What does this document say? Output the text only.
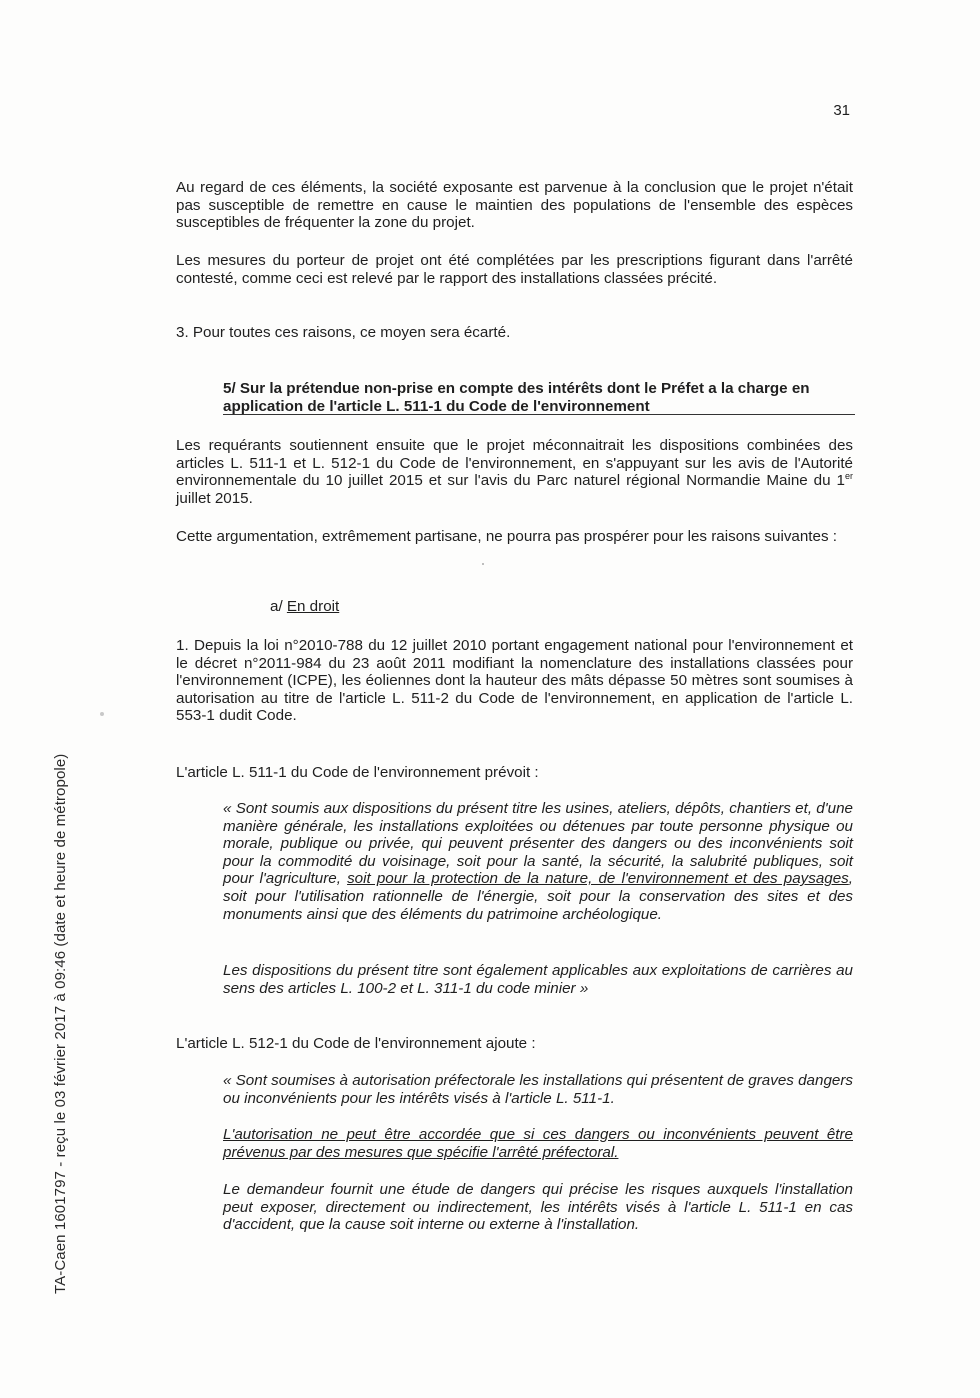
31

Au regard de ces éléments, la société exposante est parvenue à la conclusion que le projet n'était pas susceptible de remettre en cause le maintien des populations de l'ensemble des espèces susceptibles de fréquenter la zone du projet.

Les mesures du porteur de projet ont été complétées par les prescriptions figurant dans l'arrêté contesté, comme ceci est relevé par le rapport des installations classées précité.

3. Pour toutes ces raisons, ce moyen sera écarté.

5/ Sur la prétendue non-prise en compte des intérêts dont le Préfet a la charge en application de l'article L. 511-1 du Code de l'environnement

Les requérants soutiennent ensuite que le projet méconnaitrait les dispositions combinées des articles L. 511-1 et L. 512-1 du Code de l'environnement, en s'appuyant sur les avis de l'Autorité environnementale du 10 juillet 2015 et sur l'avis du Parc naturel régional Normandie Maine du 1er juillet 2015.

Cette argumentation, extrêmement partisane, ne pourra pas prospérer pour les raisons suivantes :

a/ En droit

1. Depuis la loi n°2010-788 du 12 juillet 2010 portant engagement national pour l'environnement et le décret n°2011-984 du 23 août 2011 modifiant la nomenclature des installations classées pour l'environnement (ICPE), les éoliennes dont la hauteur des mâts dépasse 50 mètres sont soumises à autorisation au titre de l'article L. 511-2 du Code de l'environnement, en application de l'article L. 553-1 dudit Code.

L'article L. 511-1 du Code de l'environnement prévoit :

« Sont soumis aux dispositions du présent titre les usines, ateliers, dépôts, chantiers et, d'une manière générale, les installations exploitées ou détenues par toute personne physique ou morale, publique ou privée, qui peuvent présenter des dangers ou des inconvénients soit pour la commodité du voisinage, soit pour la santé, la sécurité, la salubrité publiques, soit pour l'agriculture, soit pour la protection de la nature, de l'environnement et des paysages, soit pour l'utilisation rationnelle de l'énergie, soit pour la conservation des sites et des monuments ainsi que des éléments du patrimoine archéologique.

Les dispositions du présent titre sont également applicables aux exploitations de carrières au sens des articles L. 100-2 et L. 311-1 du code minier »

L'article L. 512-1 du Code de l'environnement ajoute :

« Sont soumises à autorisation préfectorale les installations qui présentent de graves dangers ou inconvénients pour les intérêts visés à l'article L. 511-1.

L'autorisation ne peut être accordée que si ces dangers ou inconvénients peuvent être prévenus par des mesures que spécifie l'arrêté préfectoral.

Le demandeur fournit une étude de dangers qui précise les risques auxquels l'installation peut exposer, directement ou indirectement, les intérêts visés à l'article L. 511-1 en cas d'accident, que la cause soit interne ou externe à l'installation.

TA-Caen 1601797 - reçu le 03 février 2017 à 09:46 (date et heure de métropole)
